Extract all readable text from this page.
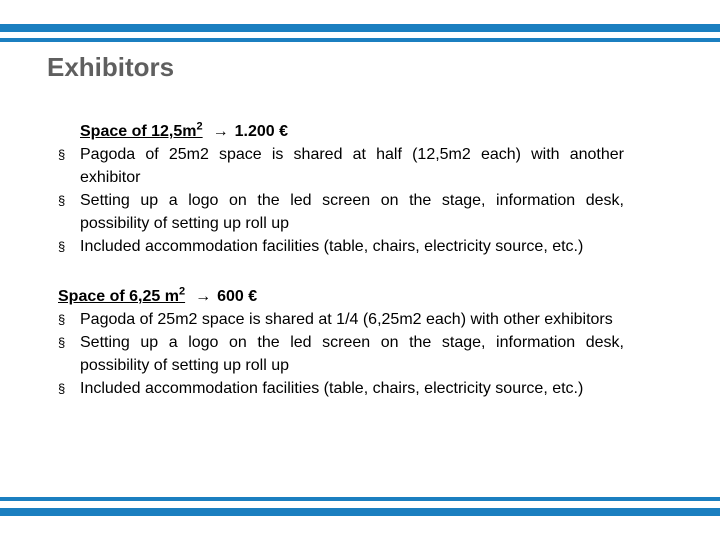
Exhibitors

Space of $12,5m^2 \to 1.200$ €

§ Pagoda of 25m2 space is shared at half (12,5m2 each) with another exhibitor
§ Setting up a logo on the led screen on the stage, information desk, possibility of setting up roll up
§ Included accommodation facilities (table, chairs, electricity source, etc.)

Space of 6,25 $m^2 \to 600$ €

§ Pagoda of 25m2 space is shared at 1/4 (6,25m2 each) with other exhibitors
§ Setting up a logo on the led screen on the stage, information desk, possibility of setting up roll up
§ Included accommodation facilities (table, chairs, electricity source, etc.)
